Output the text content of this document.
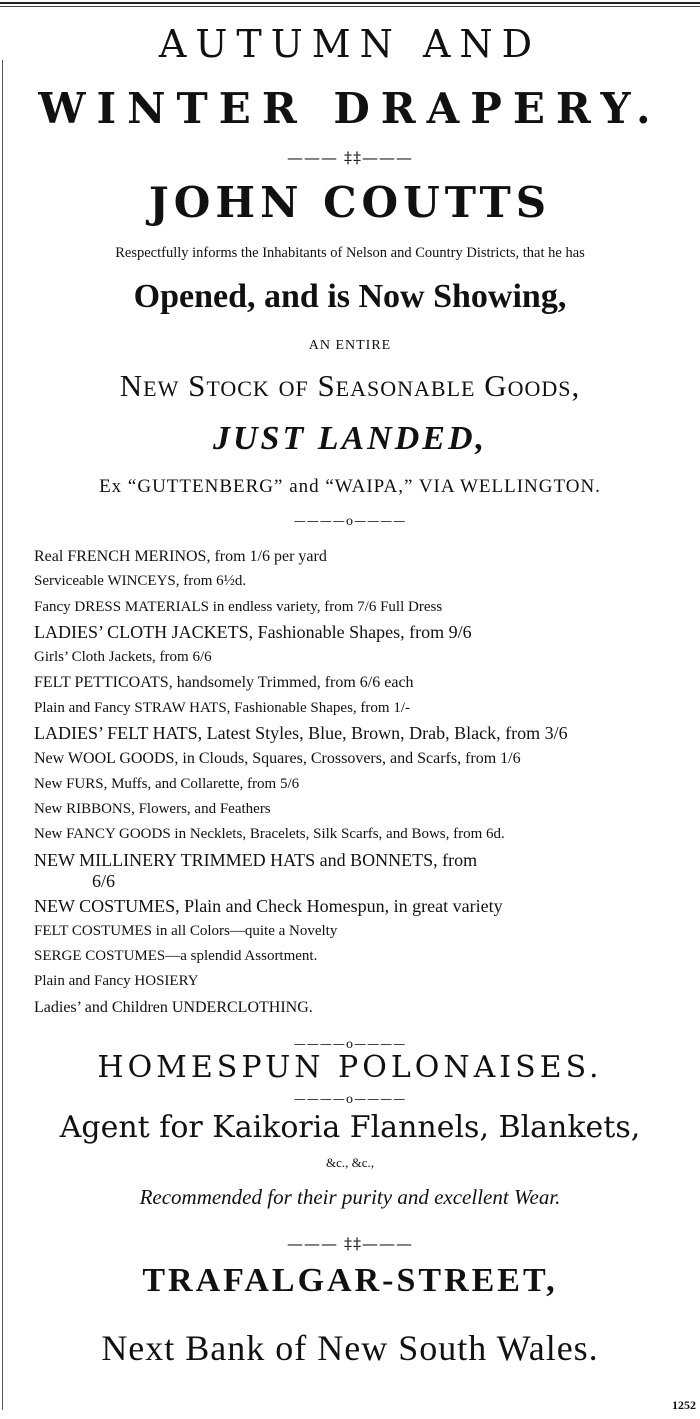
AUTUMN AND
WINTER DRAPERY.
——— ‡‡———
JOHN COUTTS
Respectfully informs the Inhabitants of Nelson and Country Districts, that he has
Opened, and is Now Showing,
AN ENTIRE
New Stock of Seasonable Goods,
JUST LANDED,
Ex “GUTTENBERG” and “WAIPA,” VIA WELLINGTON.
————o————
Real FRENCH MERINOS, from 1/6 per yard
Serviceable WINCEYS, from 6½d.
Fancy DRESS MATERIALS in endless variety, from 7/6 Full Dress
LADIES’ CLOTH JACKETS, Fashionable Shapes, from 9/6
Girls’ Cloth Jackets, from 6/6
FELT PETTICOATS, handsomely Trimmed, from 6/6 each
Plain and Fancy STRAW HATS, Fashionable Shapes, from 1/-
LADIES’ FELT HATS, Latest Styles, Blue, Brown, Drab, Black, from 3/6
New WOOL GOODS, in Clouds, Squares, Crossovers, and Scarfs, from 1/6
New FURS, Muffs, and Collarette, from 5/6
New RIBBONS, Flowers, and Feathers
New FANCY GOODS in Necklets, Bracelets, Silk Scarfs, and Bows, from 6d.
NEW MILLINERY TRIMMED HATS and BONNETS, from
6/6
NEW COSTUMES, Plain and Check Homespun, in great variety
FELT COSTUMES in all Colors—quite a Novelty
SERGE COSTUMES—a splendid Assortment.
Plain and Fancy HOSIERY
Ladies’ and Children UNDERCLOTHING.
————o————
HOMESPUN POLONAISES.
————o————
Agent for Kaikoria Flannels, Blankets,
&c., &c.,
Recommended for their purity and excellent Wear.
——— ‡‡———
TRAFALGAR-STREET,
Next Bank of New South Wales.
1252
